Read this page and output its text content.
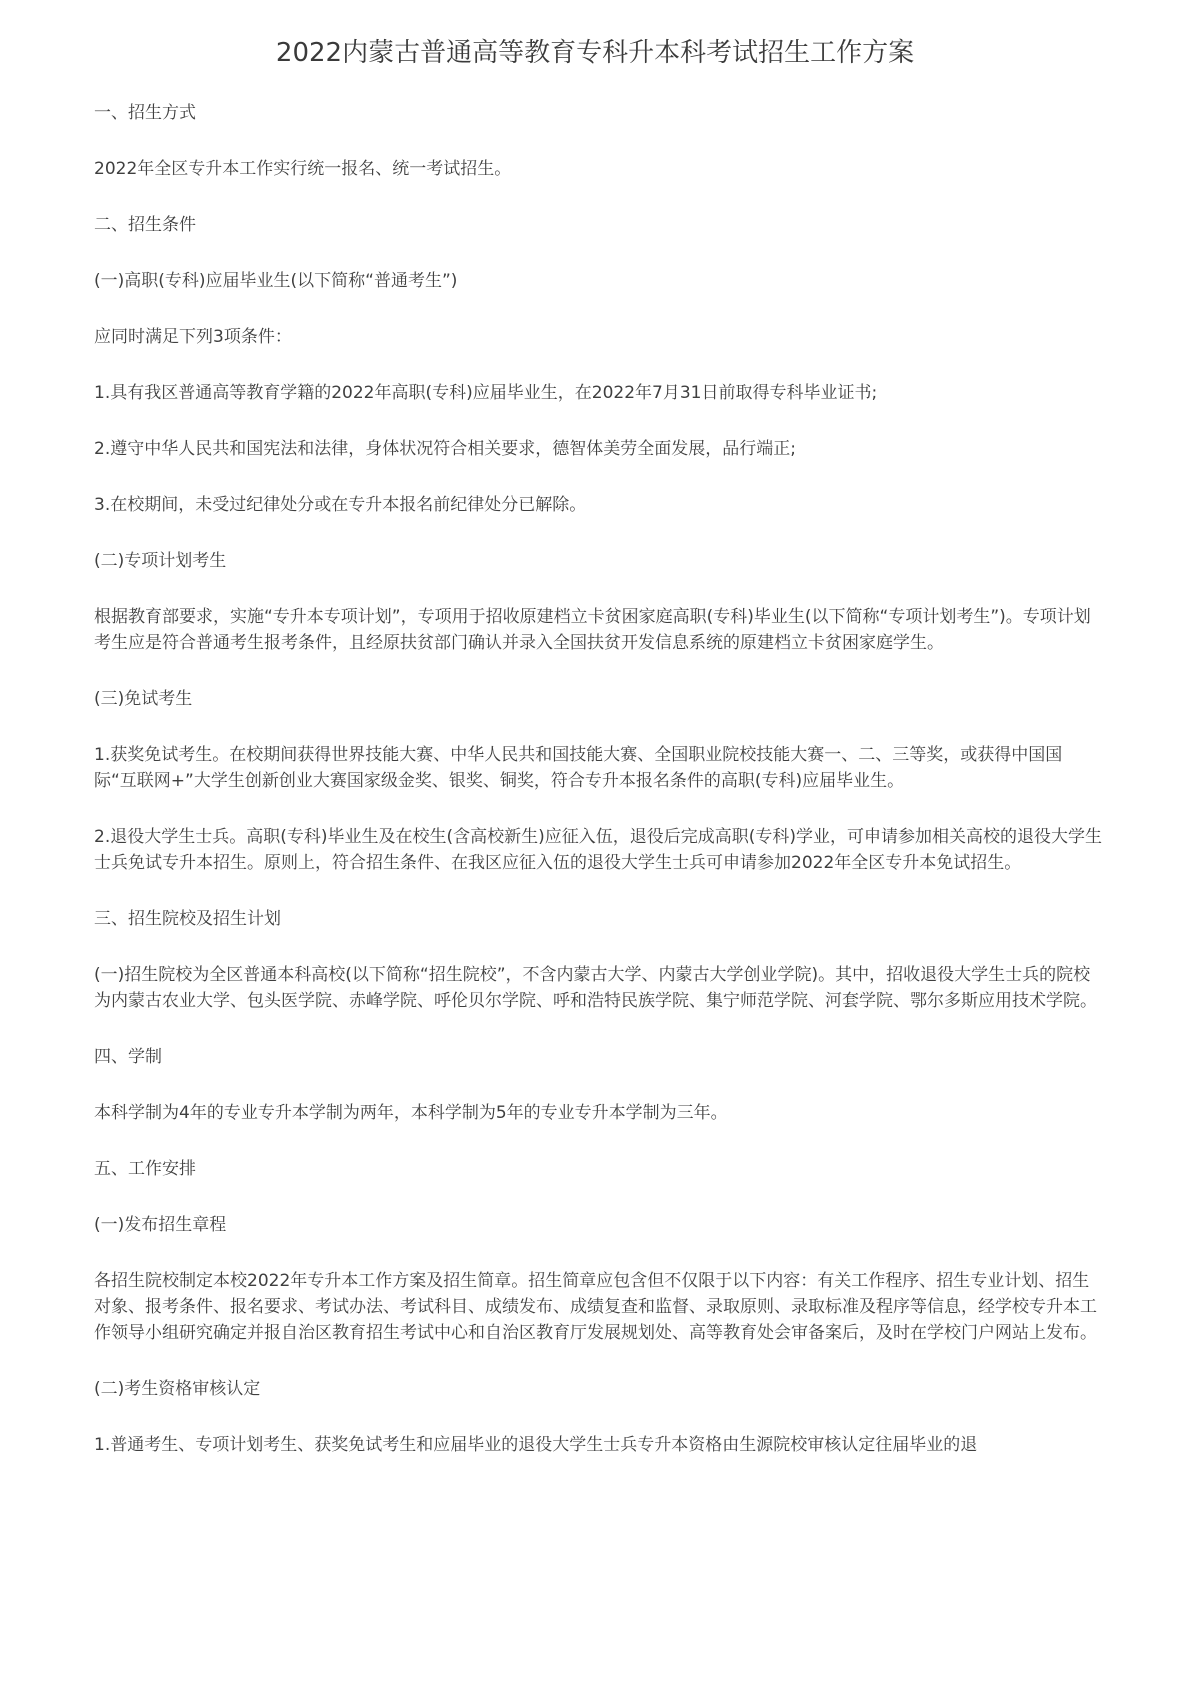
2022内蒙古普通高等教育专科升本科考试招生工作方案

一、招生方式

2022年全区专升本工作实行统一报名、统一考试招生。

二、招生条件

(一)高职(专科)应届毕业生(以下简称“普通考生”)

应同时满足下列3项条件：

1.具有我区普通高等教育学籍的2022年高职(专科)应届毕业生，在2022年7月31日前取得专科毕业证书;

2.遵守中华人民共和国宪法和法律，身体状况符合相关要求，德智体美劳全面发展，品行端正;

3.在校期间，未受过纪律处分或在专升本报名前纪律处分已解除。

(二)专项计划考生

根据教育部要求，实施“专升本专项计划”，专项用于招收原建档立卡贫困家庭高职(专科)毕业生(以下简称“专项计划考生”)。专项计划考生应是符合普通考生报考条件，且经原扶贫部门确认并录入全国扶贫开发信息系统的原建档立卡贫困家庭学生。

(三)免试考生

1.获奖免试考生。在校期间获得世界技能大赛、中华人民共和国技能大赛、全国职业院校技能大赛一、二、三等奖，或获得中国国际“互联网+”大学生创新创业大赛国家级金奖、银奖、铜奖，符合专升本报名条件的高职(专科)应届毕业生。

2.退役大学生士兵。高职(专科)毕业生及在校生(含高校新生)应征入伍，退役后完成高职(专科)学业，可申请参加相关高校的退役大学生士兵免试专升本招生。原则上，符合招生条件、在我区应征入伍的退役大学生士兵可申请参加2022年全区专升本免试招生。

三、招生院校及招生计划

(一)招生院校为全区普通本科高校(以下简称“招生院校”，不含内蒙古大学、内蒙古大学创业学院)。其中，招收退役大学生士兵的院校为内蒙古农业大学、包头医学院、赤峰学院、呼伦贝尔学院、呼和浩特民族学院、集宁师范学院、河套学院、鄂尔多斯应用技术学院。

四、学制

本科学制为4年的专业专升本学制为两年，本科学制为5年的专业专升本学制为三年。

五、工作安排

(一)发布招生章程

各招生院校制定本校2022年专升本工作方案及招生简章。招生简章应包含但不仅限于以下内容：有关工作程序、招生专业计划、招生对象、报考条件、报名要求、考试办法、考试科目、成绩发布、成绩复查和监督、录取原则、录取标准及程序等信息，经学校专升本工作领导小组研究确定并报自治区教育招生考试中心和自治区教育厅发展规划处、高等教育处会审备案后，及时在学校门户网站上发布。

(二)考生资格审核认定

1.普通考生、专项计划考生、获奖免试考生和应届毕业的退役大学生士兵专升本资格由生源院校审核认定往届毕业的退
